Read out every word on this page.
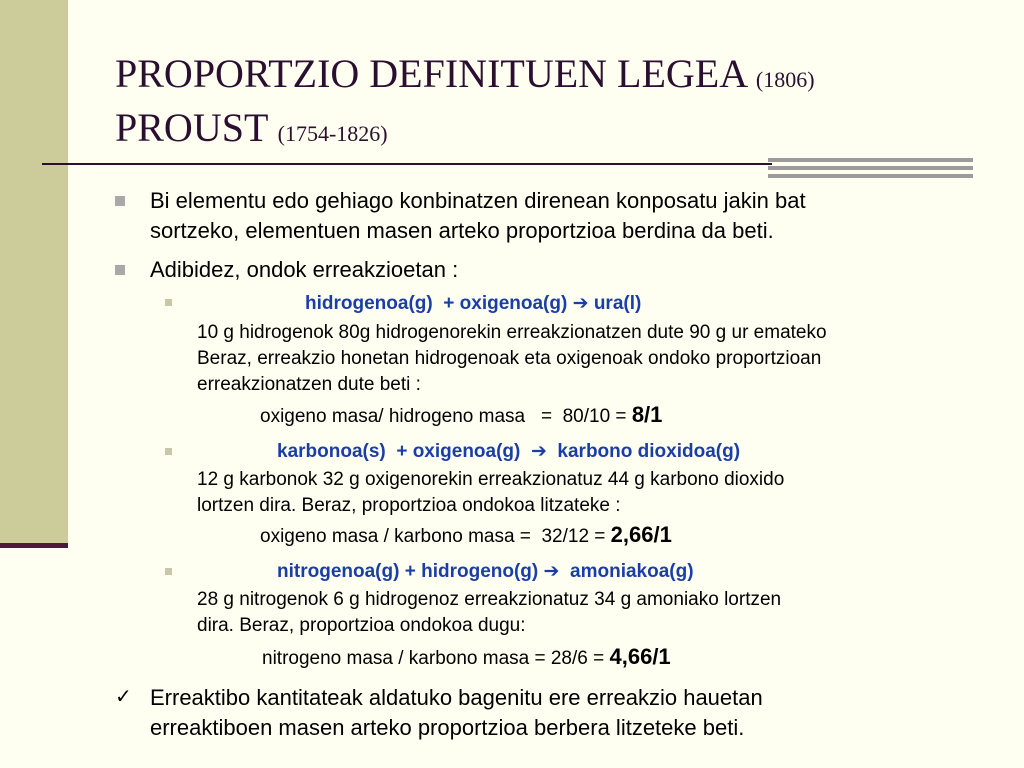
PROPORTZIO DEFINITUEN LEGEA (1806)
PROUST (1754-1826)
Bi elementu edo gehiago konbinatzen direnean konposatu jakin bat
sortzeko, elementuen masen arteko proportzioa berdina da beti.
Adibidez, ondok erreakzioetan :
hidrogenoa(g) + oxigenoa(g) ➔ ura(l)
10 g hidrogenok 80g hidrogenorekin erreakzionatzen dute 90 g ur emateko
Beraz, erreakzio honetan hidrogenoak eta oxigenoak ondoko proportzioan
erreakzionatzen dute beti :
oxigeno masa/ hidrogeno masa   =  80/10 = 8/1
karbonoa(s) + oxigenoa(g) ➔ karbono dioxidoa(g)
12 g karbonok 32 g oxigenorekin erreakzionatuz 44 g karbono dioxido
lortzen dira. Beraz, proportzioa ondokoa litzateke :
oxigeno masa / karbono masa =  32/12 = 2,66/1
nitrogenoa(g) + hidrogeno(g) ➔ amoniakoa(g)
28 g nitrogenok 6 g hidrogenoz erreakzionatuz 34 g amoniako lortzen
dira. Beraz, proportzioa ondokoa dugu:
nitrogeno masa / karbono masa = 28/6 = 4,66/1
✓ Erreaktibo kantitateak aldatuko bagenitu ere erreakzio hauetan
erreaktiboen masen arteko proportzioa berbera litzeteke beti.
